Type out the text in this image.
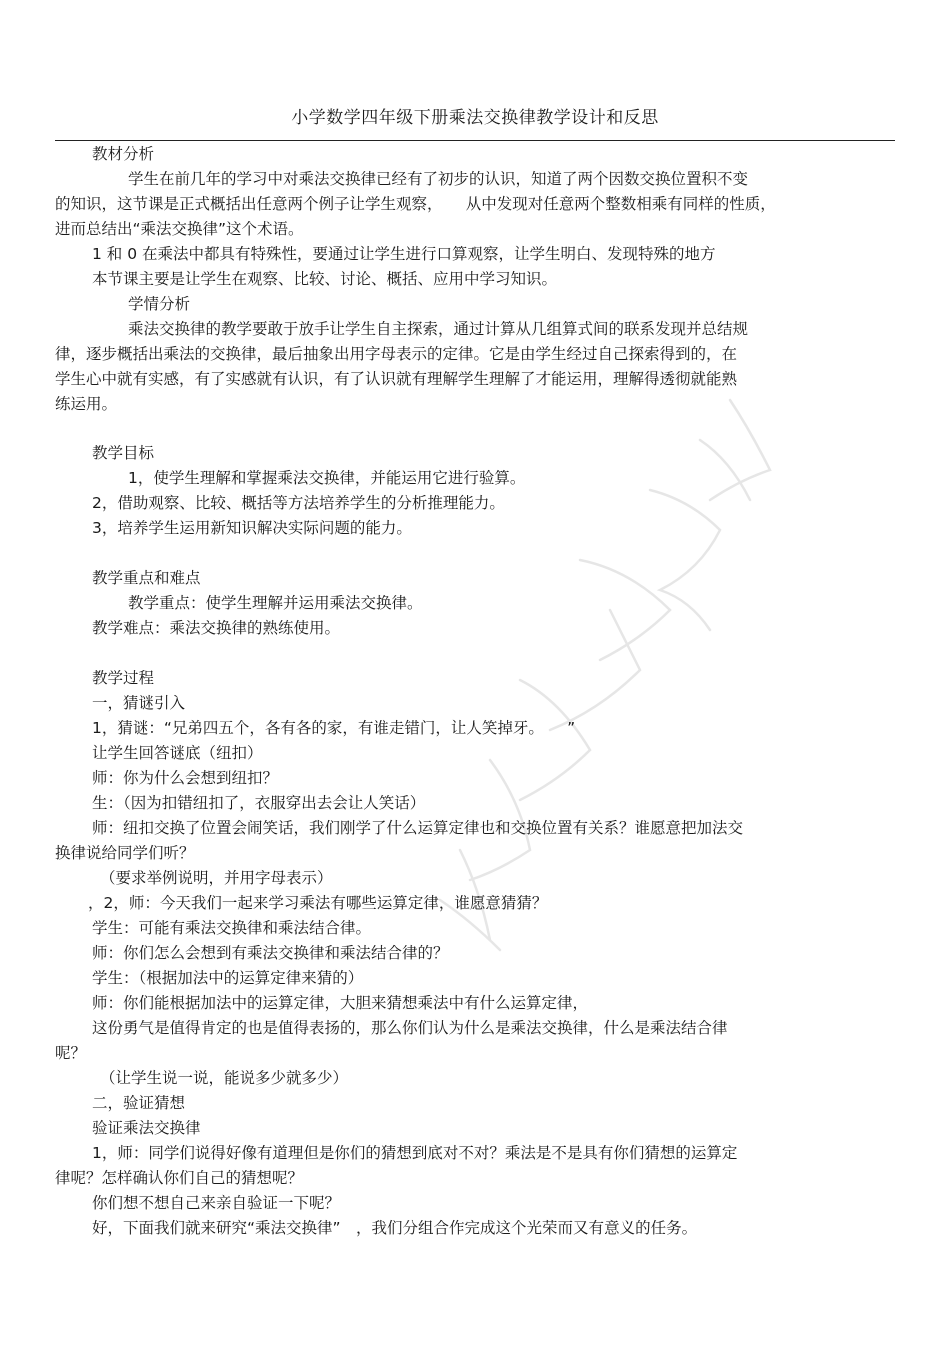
小学数学四年级下册乘法交换律教学设计和反思
教材分析
学生在前几年的学习中对乘法交换律已经有了初步的认识，知道了两个因数交换位置积不变
的知识，这节课是正式概括出任意两个例子让学生观察，　　从中发现对任意两个整数相乘有同样的性质，
进而总结出“乘法交换律”这个术语。
1 和 0 在乘法中都具有特殊性，要通过让学生进行口算观察，让学生明白、发现特殊的地方
本节课主要是让学生在观察、比较、讨论、概括、应用中学习知识。
学情分析
乘法交换律的教学要敢于放手让学生自主探索，通过计算从几组算式间的联系发现并总结规
律，逐步概括出乘法的交换律，最后抽象出用字母表示的定律。它是由学生经过自己探索得到的，在
学生心中就有实感，有了实感就有认识，有了认识就有理解学生理解了才能运用，理解得透彻就能熟
练运用。
教学目标
1，使学生理解和掌握乘法交换律，并能运用它进行验算。
2，借助观察、比较、概括等方法培养学生的分析推理能力。
3，培养学生运用新知识解决实际问题的能力。
教学重点和难点
教学重点：使学生理解并运用乘法交换律。
教学难点：乘法交换律的熟练使用。
教学过程
一，猜谜引入
1，猜谜：“兄弟四五个，各有各的家，有谁走错门，让人笑掉牙。　　”
让学生回答谜底（纽扣）
师：你为什么会想到纽扣？
生：（因为扣错纽扣了，衣服穿出去会让人笑话）
师：纽扣交换了位置会闹笑话，我们刚学了什么运算定律也和交换位置有关系？谁愿意把加法交
换律说给同学们听？
（要求举例说明，并用字母表示）
，2，师：今天我们一起来学习乘法有哪些运算定律，谁愿意猜猜？
学生：可能有乘法交换律和乘法结合律。
师：你们怎么会想到有乘法交换律和乘法结合律的？
学生：（根据加法中的运算定律来猜的）
师：你们能根据加法中的运算定律，大胆来猜想乘法中有什么运算定律，
这份勇气是值得肯定的也是值得表扬的，那么你们认为什么是乘法交换律，什么是乘法结合律
呢？
（让学生说一说，能说多少就多少）
二，验证猜想
验证乘法交换律
1，师：同学们说得好像有道理但是你们的猜想到底对不对？乘法是不是具有你们猜想的运算定
律呢？怎样确认你们自己的猜想呢？
你们想不想自己来亲自验证一下呢？
好，下面我们就来研究“乘法交换律”　，我们分组合作完成这个光荣而又有意义的任务。
